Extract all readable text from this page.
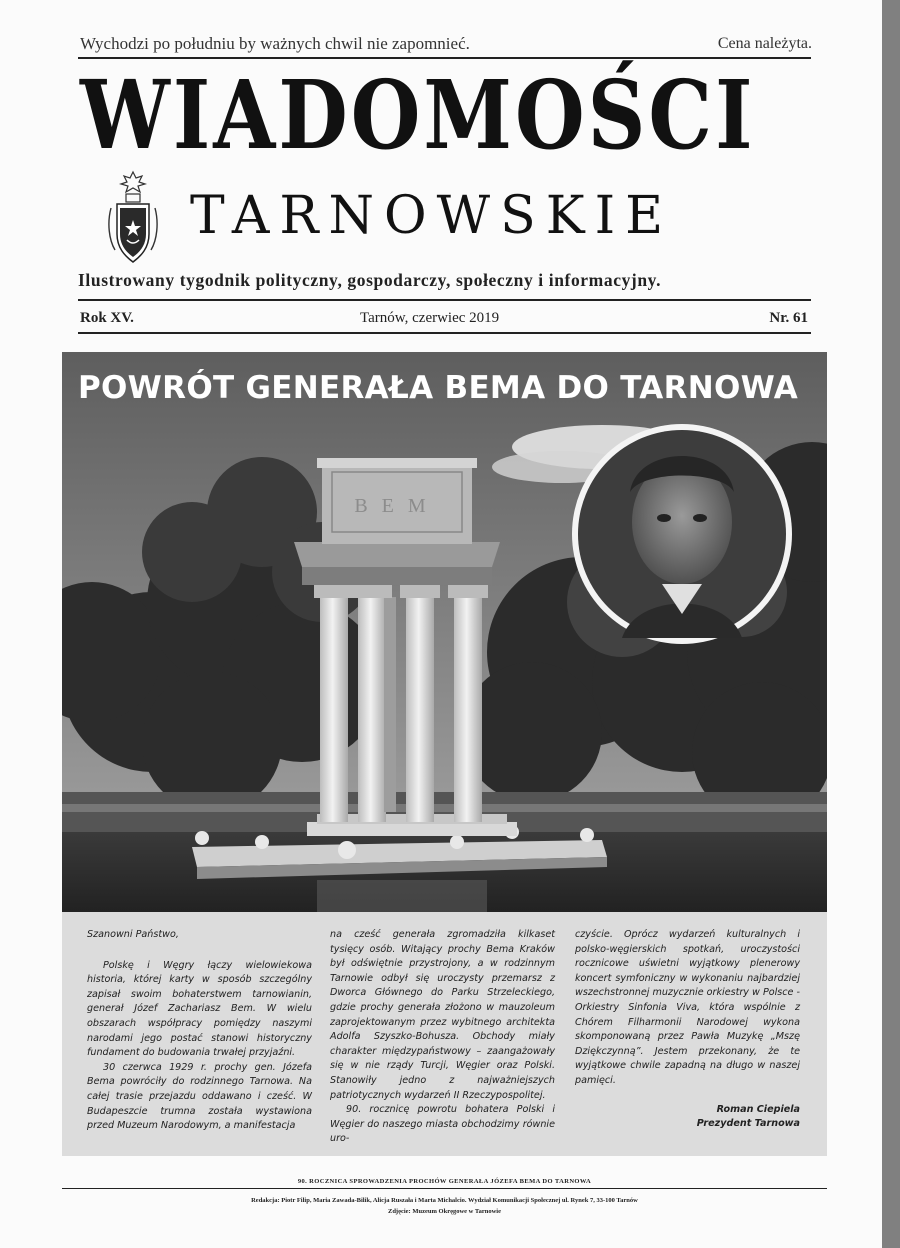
Wychodzi po południu by ważnych chwil nie zapomnieć.	Cena należyta.
WIADOMOŚCI
TARNOWSKIE
Ilustrowany tygodnik polityczny, gospodarczy, społeczny i informacyjny.
Rok XV.	Tarnów, czerwiec 2019	Nr. 61
BEM
POWRÓT GENERAŁA BEMA DO TARNOWA

Szanowni Państwo,

Polskę i Węgry łączy wielowiekowa historia, której karty w sposób szczególny zapisał swoim bohaterstwem tarnowianin, generał Józef Zachariasz Bem. W wielu obszarach współpracy pomiędzy naszymi narodami jego postać stanowi historyczny fundament do budowania trwałej przyjaźni.

30 czerwca 1929 r. prochy gen. Józefa Bema powróciły do rodzinnego Tarnowa. Na całej trasie przejazdu oddawano i cześć. W Budapeszcie trumna została wystawiona przed Muzeum Narodowym, a manifestacja

na cześć generała zgromadziła kilkaset tysięcy osób. Witający prochy Bema Kraków był odświętnie przystrojony, a w rodzinnym Tarnowie odbył się uroczysty przemarsz z Dworca Głównego do Parku Strzeleckiego, gdzie prochy generała złożono w mauzoleum zaprojektowanym przez wybitnego architekta Adolfa Szyszko-Bohusza. Obchody miały charakter międzypaństwowy – zaangażowały się w nie rządy Turcji, Węgier oraz Polski. Stanowiły jedno z najważniejszych patriotycznych wydarzeń II Rzeczypospolitej.

90. rocznicę powrotu bohatera Polski i Węgier do naszego miasta obchodzimy równie uro-

czyście. Oprócz wydarzeń kulturalnych i polsko-węgierskich spotkań, uroczystości rocznicowe uświetni wyjątkowy plenerowy koncert symfoniczny w wykonaniu najbardziej wszechstronnej muzycznie orkiestry w Polsce - Orkiestry Sinfonia Viva, która wspólnie z Chórem Filharmonii Narodowej wykona skomponowaną przez Pawła Muzykę „Mszę Dziękczynną”. Jestem przekonany, że te wyjątkowe chwile zapadną na długo w naszej pamięci.

Roman Ciepiela

Prezydent Tarnowa

90. ROCZNICA SPROWADZENIA PROCHÓW GENERAŁA JÓZEFA BEMA DO TARNOWA
Redakcja: Piotr Filip, Maria Zawada-Bilik, Alicja Ruszała i Marta Michalcio. Wydział Komunikacji Społecznej ul. Rynek 7, 33-100 Tarnów
Zdjęcie: Muzeum Okręgowe w Tarnowie
